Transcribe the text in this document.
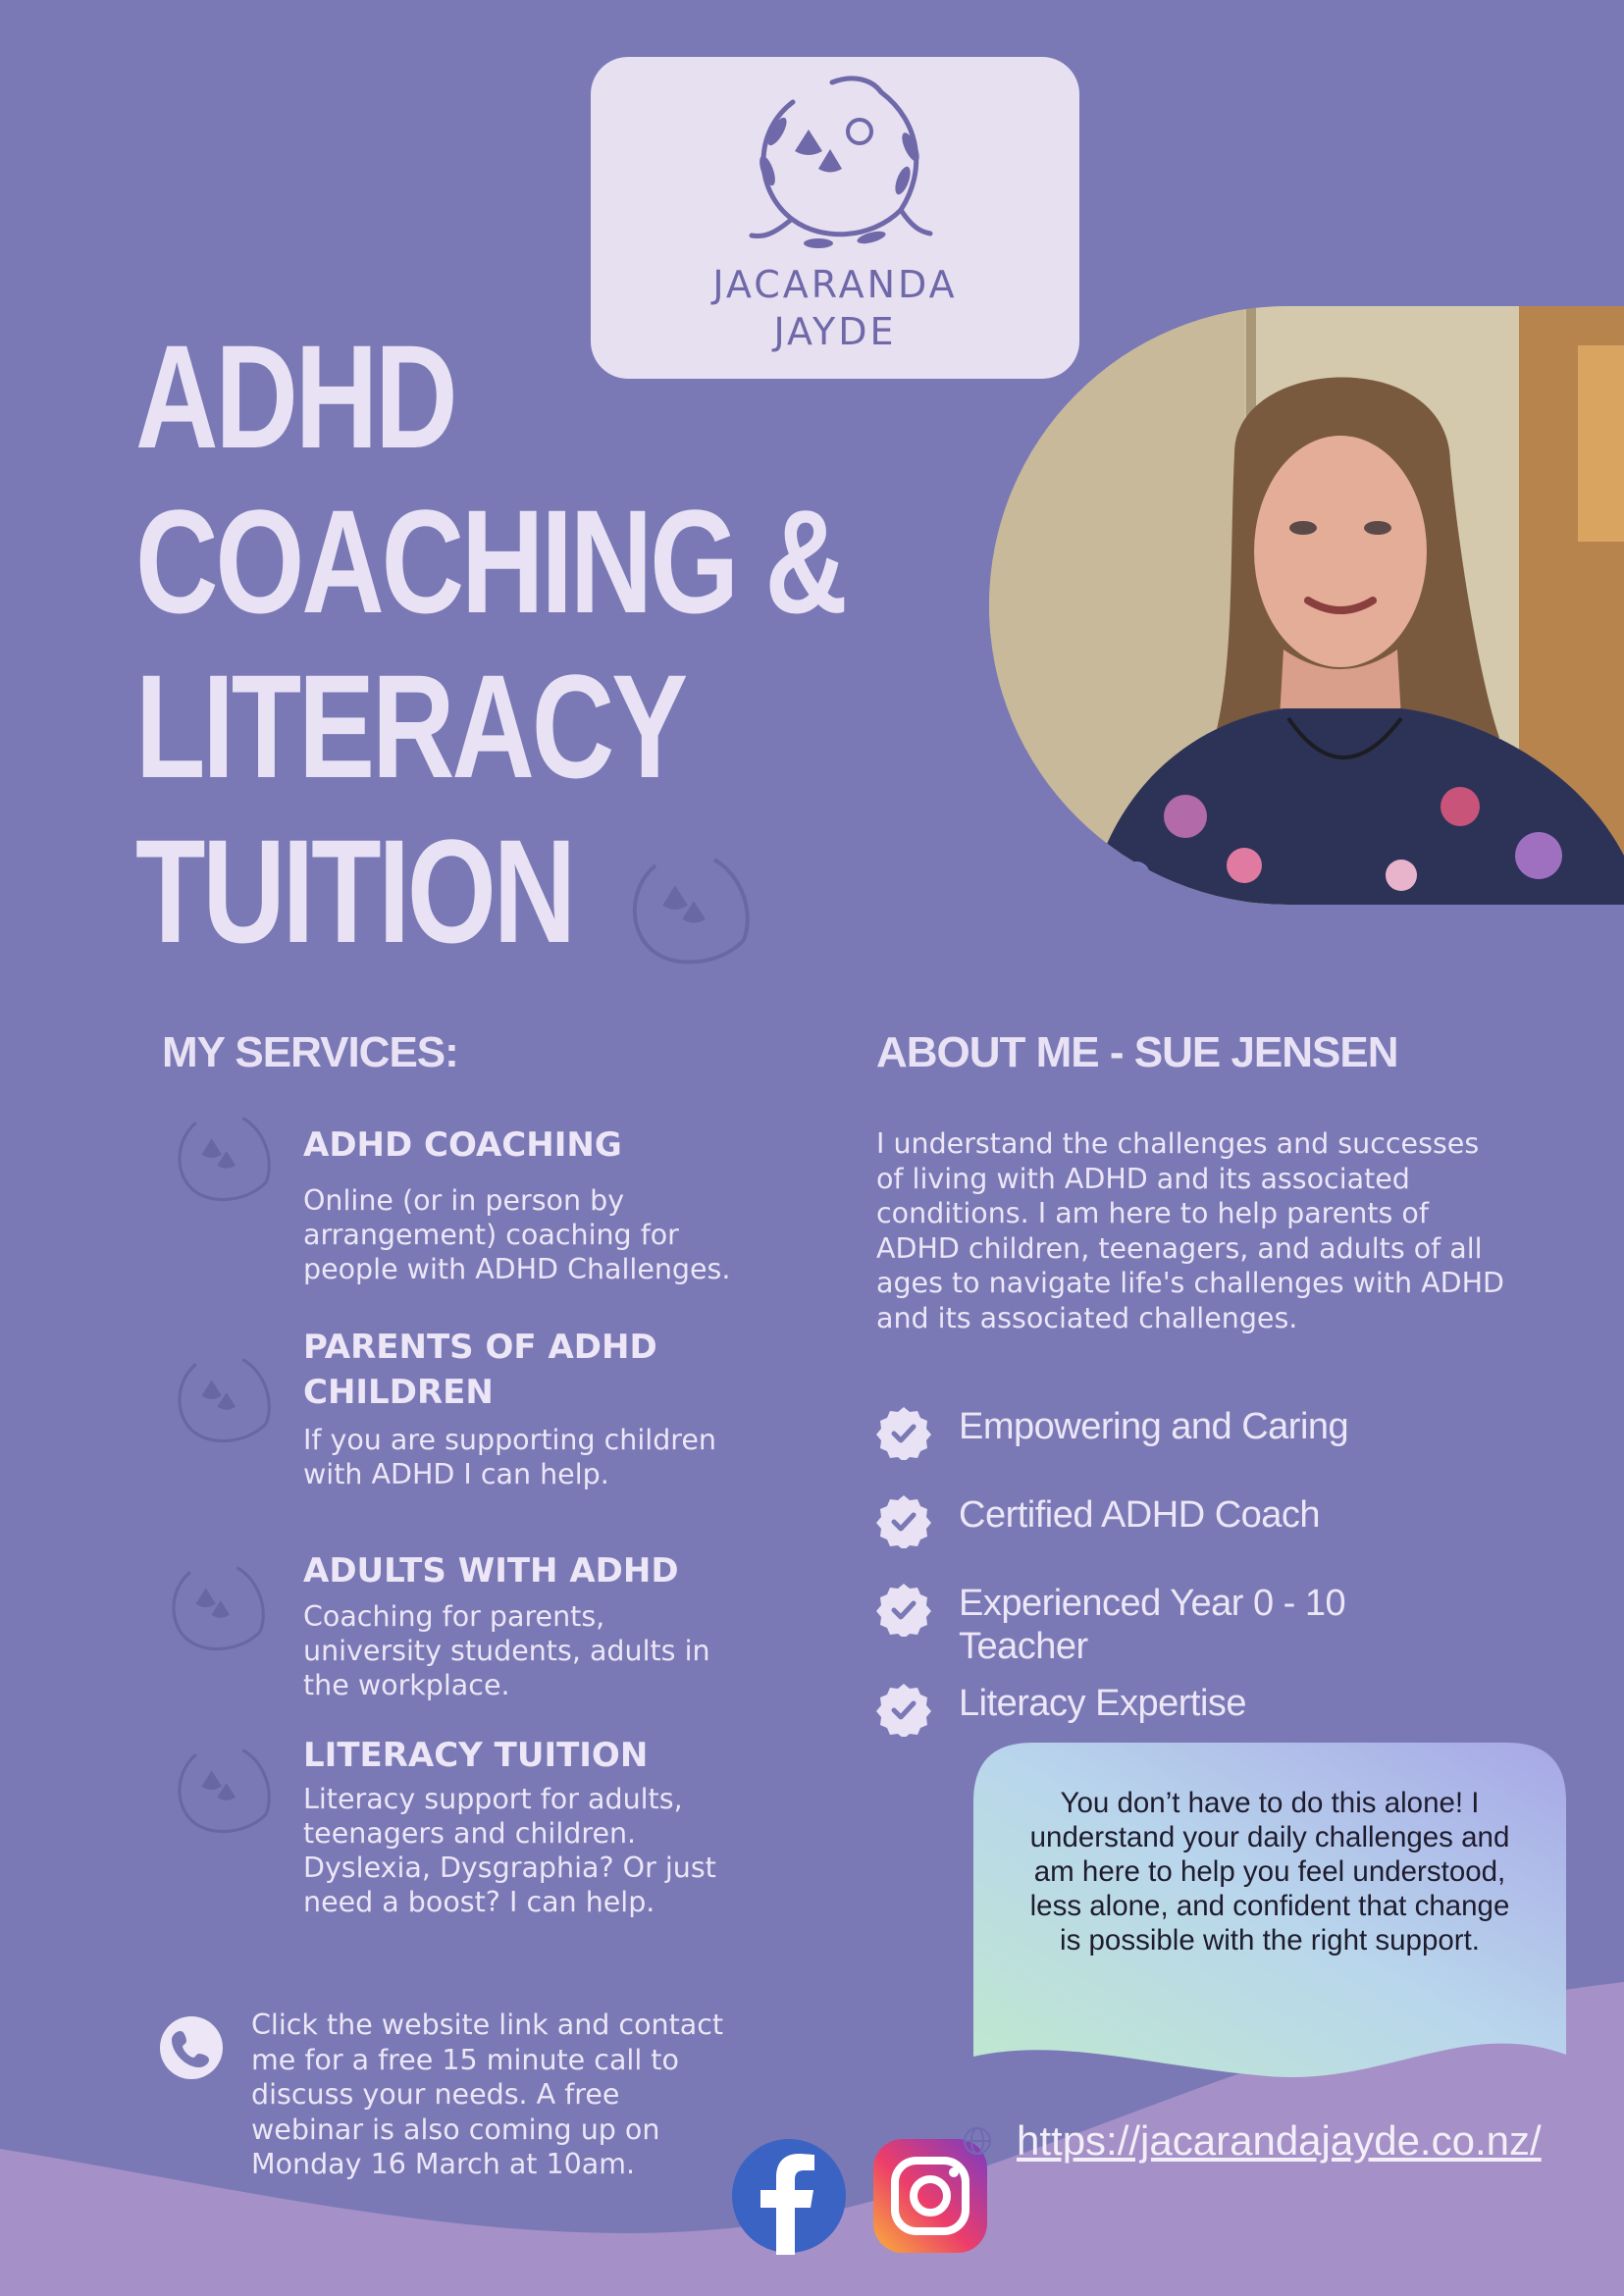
JACARANDA
JAYDE
ADHD
COACHING &
LITERACY
TUITION
MY SERVICES:
ADHD COACHING
Online (or in person by
arrangement) coaching for
people with ADHD Challenges.
PARENTS OF ADHD
CHILDREN
If you are supporting children
with ADHD I can help.
ADULTS WITH ADHD
Coaching for parents,
university students, adults in
the workplace.
LITERACY TUITION
Literacy support for adults,
teenagers and children.
Dyslexia, Dysgraphia? Or just
need a boost? I can help.
ABOUT ME - SUE JENSEN
I understand the challenges and successes
of living with ADHD and its associated
conditions. I am here to help parents of
ADHD children, teenagers, and adults of all
ages to navigate life's challenges with ADHD
and its associated challenges.
Empowering and Caring
Certified ADHD Coach
Experienced Year 0 - 10
Teacher
Literacy Expertise
You don’t have to do this alone! I
understand your daily challenges and
am here to help you feel understood,
less alone, and confident that change
is possible with the right support.
Click the website link and contact
me for a free 15 minute call to
discuss your needs. A free
webinar is also coming up on
Monday 16 March at 10am.
https://jacarandajayde.co.nz/
